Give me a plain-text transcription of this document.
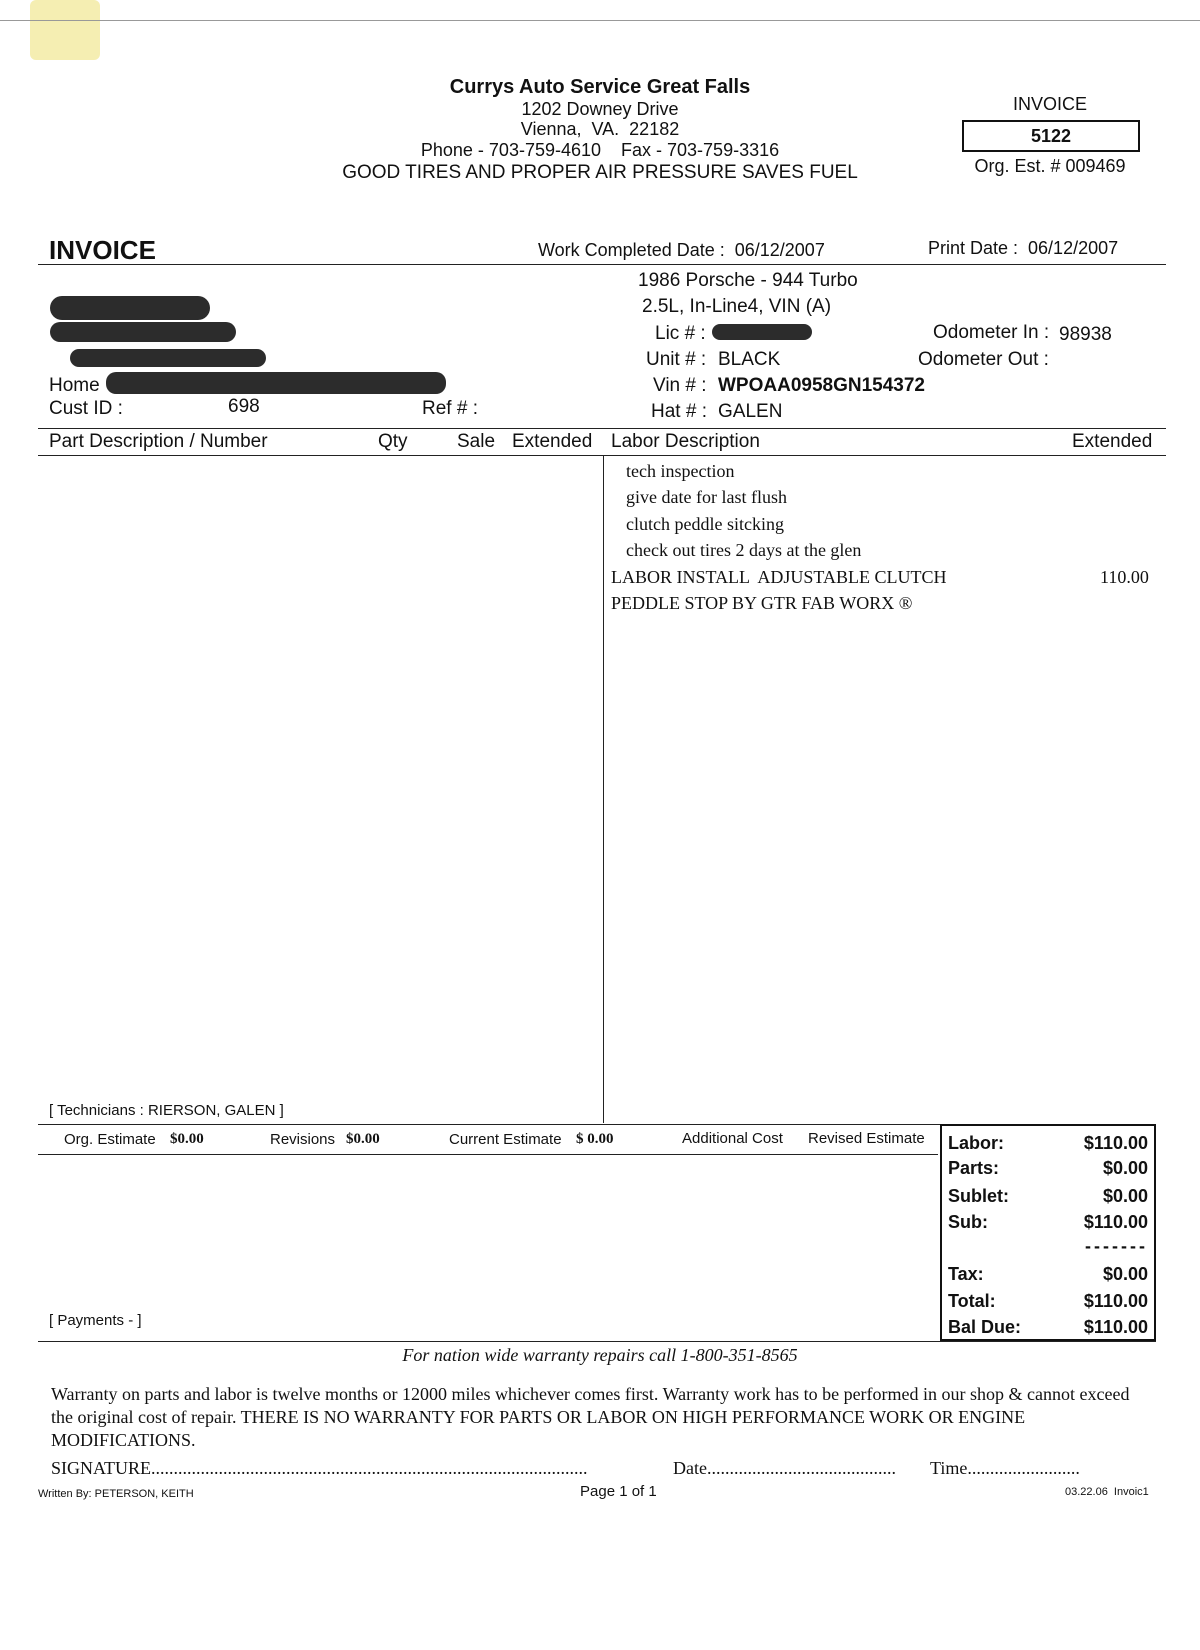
Currys Auto Service Great Falls
1202 Downey Drive
Vienna,  VA.  22182
Phone - 703-759-4610    Fax - 703-759-3316
GOOD TIRES AND PROPER AIR PRESSURE SAVES FUEL
INVOICE
5122
Org. Est. # 009469
INVOICE	Work Completed Date :  06/12/2007	Print Date :  06/12/2007
Home
Cust ID :	698	Ref # :
1986 Porsche - 944 Turbo
2.5L, In-Line4, VIN (A)
Lic # :
Unit # : BLACK
Vin # : WPOAA0958GN154372
Hat # : GALEN
Odometer In : 98938
Odometer Out :
Part Description / Number	Qty	Sale Extended Labor Description	Extended
tech inspection
give date for last flush
clutch peddle sitcking
check out tires 2 days at the glen
LABOR INSTALL  ADJUSTABLE CLUTCH	110.00
PEDDLE STOP BY GTR FAB WORX ®
[ Technicians : RIERSON, GALEN ]
Org. Estimate $0.00	Revisions $0.00	Current Estimate $ 0.00	Additional Cost Revised Estimate Labor:	$110.00
Parts:	$0.00
Sublet:	$0.00
Sub:	$110.00
-------
Tax:	$0.00
Total:	$110.00
Bal Due:	$110.00
[ Payments - ]
For nation wide warranty repairs call 1-800-351-8565
Warranty on parts and labor is twelve months or 12000 miles whichever comes first. Warranty work has to be performed in our shop & cannot exceed the original cost of repair. THERE IS NO WARRANTY FOR PARTS OR LABOR ON HIGH PERFORMANCE WORK OR ENGINE MODIFICATIONS.
SIGNATURE.................................................................................................	Date.......................................... Time.........................
Written By: PETERSON, KEITH	Page 1 of 1	03.22.06  Invoic1
